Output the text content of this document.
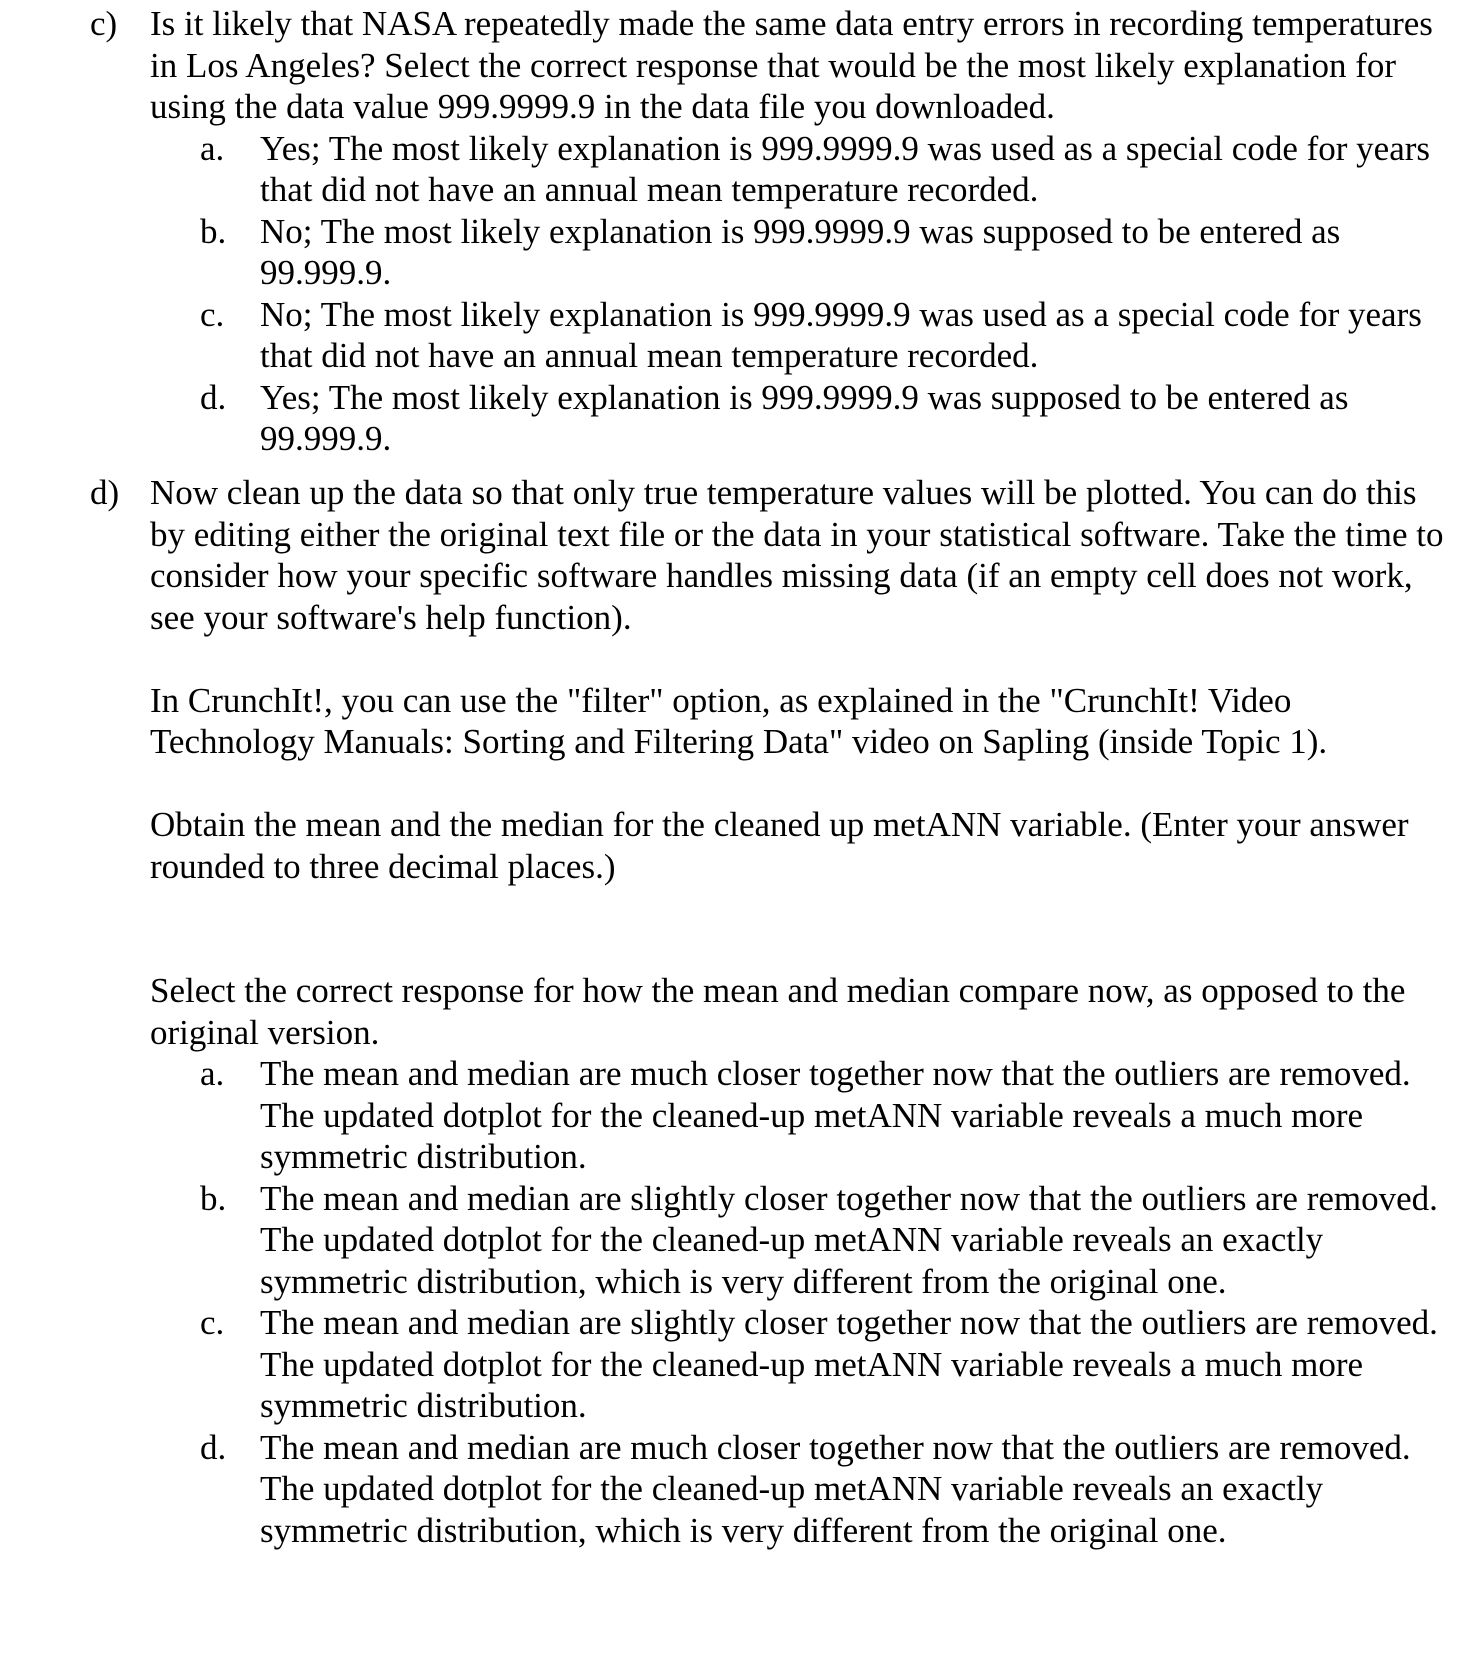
c) Is it likely that NASA repeatedly made the same data entry errors in recording temperatures in Los Angeles? Select the correct response that would be the most likely explanation for using the data value 999.9999.9 in the data file you downloaded.

a. Yes; The most likely explanation is 999.9999.9 was used as a special code for years that did not have an annual mean temperature recorded.
b. No; The most likely explanation is 999.9999.9 was supposed to be entered as 99.999.9.
c. No; The most likely explanation is 999.9999.9 was used as a special code for years that did not have an annual mean temperature recorded.
d. Yes; The most likely explanation is 999.9999.9 was supposed to be entered as 99.999.9.
d) Now clean up the data so that only true temperature values will be plotted. You can do this by editing either the original text file or the data in your statistical software. Take the time to consider how your specific software handles missing data (if an empty cell does not work, see your software's help function).

In CrunchIt!, you can use the "filter" option, as explained in the "CrunchIt! Video Technology Manuals: Sorting and Filtering Data" video on Sapling (inside Topic 1).

Obtain the mean and the median for the cleaned up metANN variable. (Enter your answer rounded to three decimal places.)

Select the correct response for how the mean and median compare now, as opposed to the original version.

a. The mean and median are much closer together now that the outliers are removed. The updated dotplot for the cleaned-up metANN variable reveals a much more symmetric distribution.
b. The mean and median are slightly closer together now that the outliers are removed. The updated dotplot for the cleaned-up metANN variable reveals an exactly symmetric distribution, which is very different from the original one.
c. The mean and median are slightly closer together now that the outliers are removed. The updated dotplot for the cleaned-up metANN variable reveals a much more symmetric distribution.
d. The mean and median are much closer together now that the outliers are removed. The updated dotplot for the cleaned-up metANN variable reveals an exactly symmetric distribution, which is very different from the original one.
